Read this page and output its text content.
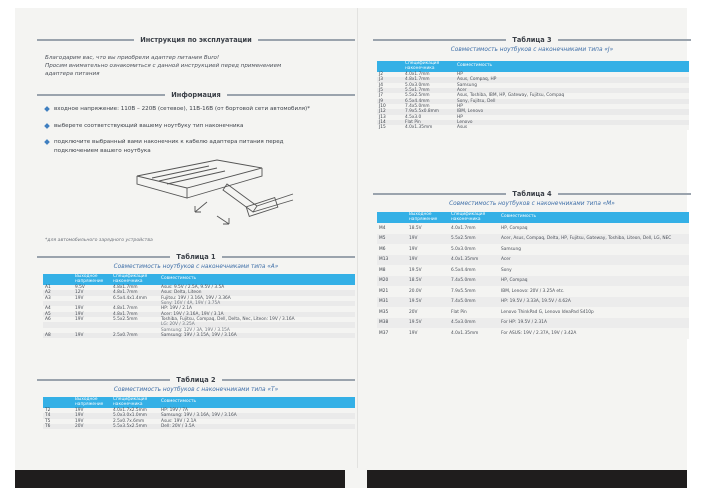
Инструкция по эксплуатации
Благодарим вас, что вы приобрели адаптер питания Buro!
Просим внимательно ознакомиться с данной инструкцией перед применением
адаптера питания
Информация
входное напряжение: 110В – 220В (сетевое), 11В-16В (от бортовой сети автомобиля)*
выберете соответствующий вашему ноутбуку тип наконечника
подключите выбранный вами наконечник к кабелю адаптера питания перед
подключением вашего ноутбука
*для автомобильного зарядного устройства
Таблица 1
Совместимость ноутбуков с наконечниками типа «A»
	Выходное напряжение	Спецификация наконечника	Совместимость
A1	9.5V	4.8x1.7mm	Asus: 9.5V / 2.5A, 9.5V / 3.5A
A2	12V	4.8x1.7mm	Asus: Delta, Liteon
A3	19V	6.5x4.4x1.4mm	Fujitsu: 19V / 3.16A, 19V / 3.36A
			Sony: 16V / 4A, 19V / 3.75A
A4	19V	4.8x1.7mm	HP: 19V / 2.1A
A5	19V	4.8x1.7mm	Acer: 19V / 3.16A, 19V / 3.1A
A6	19V	5.5x2.5mm	Toshiba, Fujitsu, Compaq, Dell, Delta, Nec, Liteon: 19V / 3.16A
			LG: 20V / 3.25A
			Samsung: 12V / 3A, 19V / 3.15A
A8	19V	2.5x0.7mm	Samsung: 19V / 3.15A, 19V / 3.16A
Таблица 2
Совместимость ноутбуков с наконечниками типа «T»
	Выходное напряжение	Спецификация наконечника	Совместимость
T2	19V	4.0x1.7x2.5mm	HP: 19V / 7A
T4	19V	5.0x3.0x1.0mm	Samsung: 19V / 3.16A, 19V / 3.16A
T5	19V	2.5x0.7x.6mm	Asus: 19V / 2.1A
T6	20V	5.5x3.5x2.5mm	Dell: 20V / 3.5A
Таблица 3
Совместимость ноутбуков с наконечниками типа «J»
	Спецификация наконечника	Совместимость
J2	4.0x1.7mm	HP
J3	4.8x1.7mm	Asus, Compaq, HP
J4	5.0x3.0mm	Samsung
J5	5.5x1.7mm	Acer
J7	5.5x2.5mm	Asus, Toshiba, IBM, HP, Gateway, Fujitsu, Compaq
J9	6.5x4.4mm	Sony, Fujitsu, Dell
J10	7.4x5.0mm	HP
J12	7.9x5.5x0.8mm	IBM, Lenovo
J13	4.5x3.0	HP
J14	Flat Pin	Lenovo
J15	4.0x1.35mm	Asus
Таблица 4
Совместимость ноутбуков с наконечниками типа «M»
	Выходное напряжение	Спецификация наконечника	Совместимость
M4	18.5V	4.0x1.7mm	HP, Compaq
M5	19V	5.5x2.5mm	Acer, Asus, Compaq, Delta, HP, Fujitsu, Gateway, Toshiba, Liteon, Dell, LG, NEC
M6	19V	5.0x3.0mm	Samsung
M13	19V	4.0x1.35mm	Acer
M8	19.5V	6.5x4.4mm	Sony
M20	18.5V	7.4x5.0mm	HP, Compaq
M21	20.0V	7.9x5.5mm	IBM, Lenovo: 20V / 3.25A etc.
M31	19.5V	7.4x5.0mm	HP: 19.5V / 3.33A, 19.5V / 4.62A
M35	20V	Flat Pin	Lenovo ThinkPad G, Lenovo IdeaPad S410p
M38	19.5V	4.5x3.0mm	For HP: 19.5V / 2.31A
M37	19V	4.0x1.35mm	For ASUS: 19V / 2.37A, 19V / 3.42A
